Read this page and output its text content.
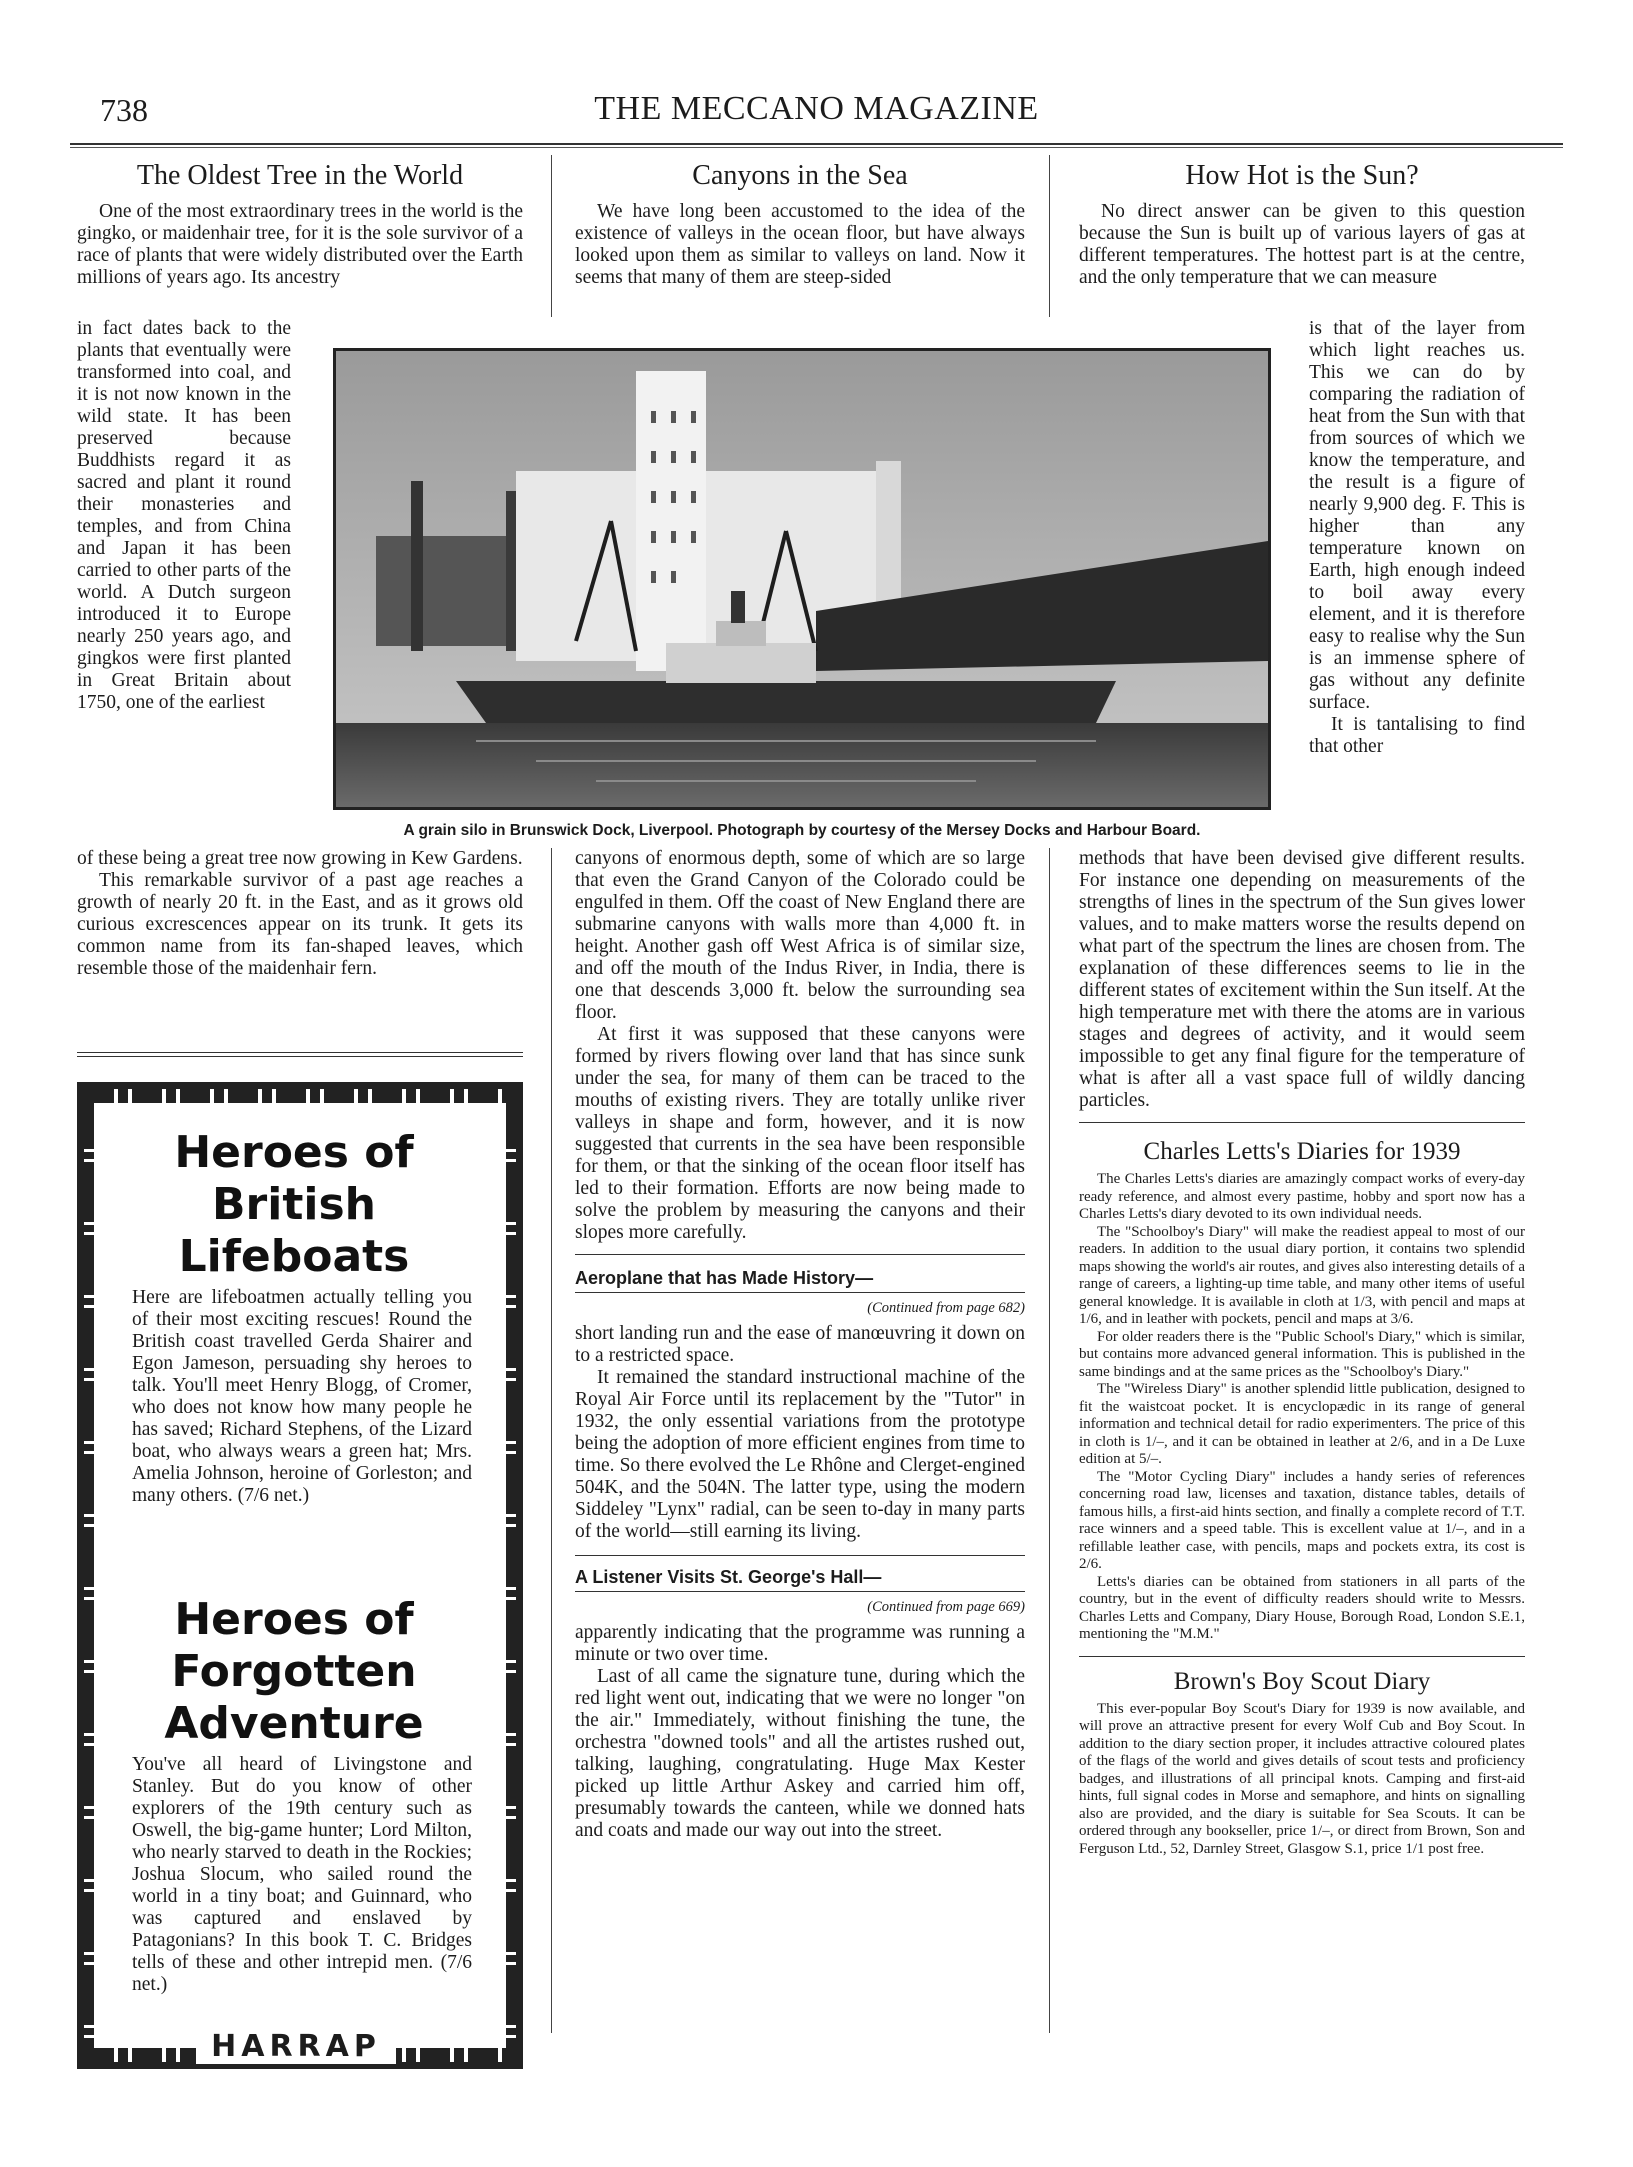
738	THE MECCANO MAGAZINE
The Oldest Tree in the World

One of the most extraordinary trees in the world is the gingko, or maidenhair tree, for it is the sole survivor of a race of plants that were widely distributed over the Earth millions of years ago. Its ancestry

in fact dates back to the plants that eventually were transformed into coal, and it is not now known in the wild state. It has been preserved because Buddhists regard it as sacred and plant it round their monasteries and temples, and from China and Japan it has been carried to other parts of the world. A Dutch surgeon introduced it to Europe nearly 250 years ago, and gingkos were first planted in Great Britain about 1750, one of the earliest

of these being a great tree now growing in Kew Gardens.

This remarkable survivor of a past age reaches a growth of nearly 20 ft. in the East, and as it grows old curious excrescences appear on its trunk. It gets its common name from its fan-shaped leaves, which resemble those of the maidenhair fern.

Heroes of British Lifeboats
Here are lifeboatmen actually telling you of their most exciting rescues! Round the British coast travelled Gerda Shairer and Egon Jameson, persuading shy heroes to talk. You'll meet Henry Blogg, of Cromer, who does not know how many people he has saved; Richard Stephens, of the Lizard boat, who always wears a green hat; Mrs. Amelia Johnson, heroine of Gorleston; and many others. (7/6 net.)
Heroes of Forgotten Adventure
You've all heard of Livingstone and Stanley. But do you know of other explorers of the 19th century such as Oswell, the big-game hunter; Lord Milton, who nearly starved to death in the Rockies; Joshua Slocum, who sailed round the world in a tiny boat; and Guinnard, who was captured and enslaved by Patagonians? In this book T. C. Bridges tells of these and other intrepid men. (7/6 net.)
HARRAP
Canyons in the Sea

We have long been accustomed to the idea of the existence of valleys in the ocean floor, but have always looked upon them as similar to valleys on land. Now it seems that many of them are steep-sided

canyons of enormous depth, some of which are so large that even the Grand Canyon of the Colorado could be engulfed in them. Off the coast of New England there are submarine canyons with walls more than 4,000 ft. in height. Another gash off West Africa is of similar size, and off the mouth of the Indus River, in India, there is one that descends 3,000 ft. below the surrounding sea floor.

At first it was supposed that these canyons were formed by rivers flowing over land that has since sunk under the sea, for many of them can be traced to the mouths of existing rivers. They are totally unlike river valleys in shape and form, however, and it is now suggested that currents in the sea have been responsible for them, or that the sinking of the ocean floor itself has led to their formation. Efforts are now being made to solve the problem by measuring the canyons and their slopes more carefully.

Aeroplane that has Made History—
(Continued from page 682)

short landing run and the ease of manœuvring it down on to a restricted space.

It remained the standard instructional machine of the Royal Air Force until its replacement by the "Tutor" in 1932, the only essential variations from the prototype being the adoption of more efficient engines from time to time. So there evolved the Le Rhône and Clerget-engined 504K, and the 504N. The latter type, using the modern Siddeley "Lynx" radial, can be seen to-day in many parts of the world—still earning its living.

A Listener Visits St. George's Hall—
(Continued from page 669)

apparently indicating that the programme was running a minute or two over time.

Last of all came the signature tune, during which the red light went out, indicating that we were no longer "on the air." Immediately, without finishing the tune, the orchestra "downed tools" and all the artistes rushed out, talking, laughing, congratulating. Huge Max Kester picked up little Arthur Askey and carried him off, presumably towards the canteen, while we donned hats and coats and made our way out into the street.

How Hot is the Sun?

No direct answer can be given to this question because the Sun is built up of various layers of gas at different temperatures. The hottest part is at the centre, and the only temperature that we can measure

is that of the layer from which light reaches us. This we can do by comparing the radiation of heat from the Sun with that from sources of which we know the temperature, and the result is a figure of nearly 9,900 deg. F. This is higher than any temperature known on Earth, high enough indeed to boil away every element, and it is therefore easy to realise why the Sun is an immense sphere of gas without any definite surface.

It is tantalising to find that other

methods that have been devised give different results. For instance one depending on measurements of the strengths of lines in the spectrum of the Sun gives lower values, and to make matters worse the results depend on what part of the spectrum the lines are chosen from. The explanation of these differences seems to lie in the different states of excitement within the Sun itself. At the high temperature met with there the atoms are in various stages and degrees of activity, and it would seem impossible to get any final figure for the temperature of what is after all a vast space full of wildly dancing particles.

Charles Letts's Diaries for 1939

The Charles Letts's diaries are amazingly compact works of every-day ready reference, and almost every pastime, hobby and sport now has a Charles Letts's diary devoted to its own individual needs.

The "Schoolboy's Diary" will make the readiest appeal to most of our readers. In addition to the usual diary portion, it contains two splendid maps showing the world's air routes, and gives also interesting details of a range of careers, a lighting-up time table, and many other items of useful general knowledge. It is available in cloth at 1/3, with pencil and maps at 1/6, and in leather with pockets, pencil and maps at 3/6.

For older readers there is the "Public School's Diary," which is similar, but contains more advanced general information. This is published in the same bindings and at the same prices as the "Schoolboy's Diary."

The "Wireless Diary" is another splendid little publication, designed to fit the waistcoat pocket. It is encyclopædic in its range of general information and technical detail for radio experimenters. The price of this in cloth is 1/–, and it can be obtained in leather at 2/6, and in a De Luxe edition at 5/–.

The "Motor Cycling Diary" includes a handy series of references concerning road law, licenses and taxation, distance tables, details of famous hills, a first-aid hints section, and finally a complete record of T.T. race winners and a speed table. This is excellent value at 1/–, and in a refillable leather case, with pencils, maps and pockets extra, its cost is 2/6.

Letts's diaries can be obtained from stationers in all parts of the country, but in the event of difficulty readers should write to Messrs. Charles Letts and Company, Diary House, Borough Road, London S.E.1, mentioning the "M.M."

Brown's Boy Scout Diary

This ever-popular Boy Scout's Diary for 1939 is now available, and will prove an attractive present for every Wolf Cub and Boy Scout. In addition to the diary section proper, it includes attractive coloured plates of the flags of the world and gives details of scout tests and proficiency badges, and illustrations of all principal knots. Camping and first-aid hints, full signal codes in Morse and semaphore, and hints on signalling also are provided, and the diary is suitable for Sea Scouts. It can be ordered through any bookseller, price 1/–, or direct from Brown, Son and Ferguson Ltd., 52, Darnley Street, Glasgow S.1, price 1/1 post free.

A grain silo in Brunswick Dock, Liverpool. Photograph by courtesy of the Mersey Docks and Harbour Board.
